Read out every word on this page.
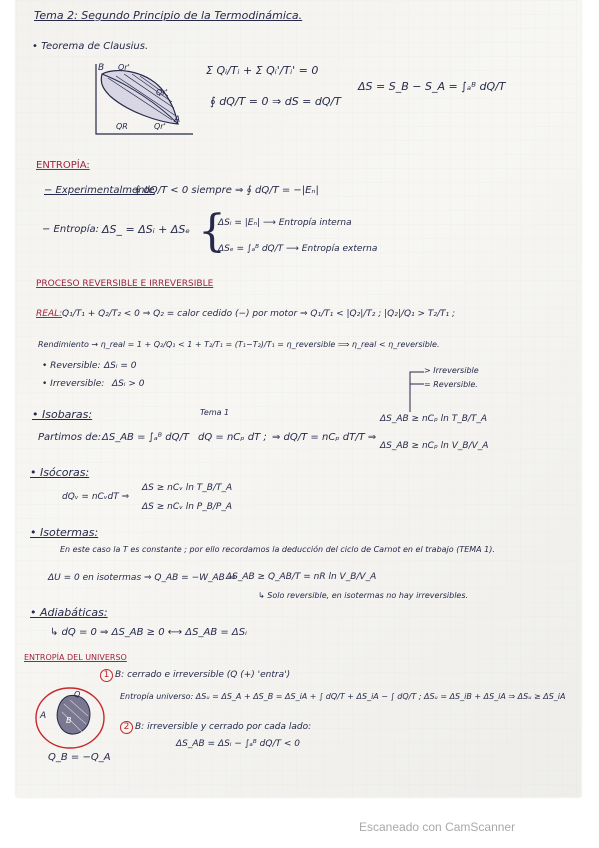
Tema 2: Segundo Principio de la Termodinámica.
• Teorema de Clausius.
B Qr'
Qr'
A
QR	Qr'
Σ Qᵢ/Tᵢ + Σ Qᵢ'/Tᵢ' = 0
∮ dQ/T = 0 ⇒ dS = dQ/T
ΔS = S_B − S_A = ∫ₐᴮ dQ/T
ENTROPÍA:
− Experimentalmente
∮ dQ/T < 0 siempre ⇒ ∮ dQ/T = −|Eₙ|
− Entropía: ΔS_ = ΔSᵢ + ΔSₑ {
ΔSᵢ = |Eₙ| ⟶ Entropía interna
ΔSₑ = ∫ₐᴮ dQ/T ⟶ Entropía externa
PROCESO REVERSIBLE E IRREVERSIBLE
REAL: Q₁/T₁ + Q₂/T₂ < 0 ⇒ Q₂ = calor cedido (−) por motor ⇒ Q₁/T₁ < |Q₂|/T₂ ; |Q₂|/Q₁ > T₂/T₁ ;
Rendimiento → η_real = 1 + Q₂/Q₁ < 1 + T₂/T₁ = (T₁−T₂)/T₁ = η_reversible ⟹ η_real < η_reversible.
• Reversible: ΔSᵢ = 0
• Irreversible: ΔSᵢ > 0
> Irreversible
= Reversible.
• Isobaras:
Partimos de: ΔS_AB = ∫ₐᴮ dQ/T
Tema 1
dQ = nCₚ dT ; ⇒ dQ/T = nCₚ dT/T ⇒
ΔS_AB ≥ nCₚ ln T_B/T_A
ΔS_AB ≥ nCₚ ln V_B/V_A
• Isócoras:
dQᵥ = nCᵥdT ⇒
ΔS ≥ nCᵥ ln T_B/T_A
ΔS ≥ nCᵥ ln P_B/P_A
• Isotermas:
En este caso la T es constante ; por ello recordamos la deducción del ciclo de Carnot en el trabajo (TEMA 1).
ΔU = 0 en isotermas ⇒ Q_AB = −W_AB ⇒
ΔS_AB ≥ Q_AB/T = nR ln V_B/V_A
↳ Solo reversible, en isotermas no hay irreversibles.
• Adiabáticas:
↳ dQ = 0 ⇒ ΔS_AB ≥ 0 ⟷ ΔS_AB = ΔSᵢ
ENTROPÍA DEL UNIVERSO
1 B: cerrado e irreversible (Q (+) 'entra')
Entropía universo: ΔSᵤ = ΔS_A + ΔS_B = ΔS_iA + ∫ dQ/T + ΔS_iA − ∫ dQ/T ; ΔSᵤ = ΔS_iB + ΔS_iA ⇒ ΔSᵤ ≥ ΔS_iA
2 B: irreversible y cerrado por cada lado:
ΔS_AB = ΔSᵢ − ∫ₐᴮ dQ/T < 0
A B
Q
Q_B = −Q_A
Escaneado con CamScanner
